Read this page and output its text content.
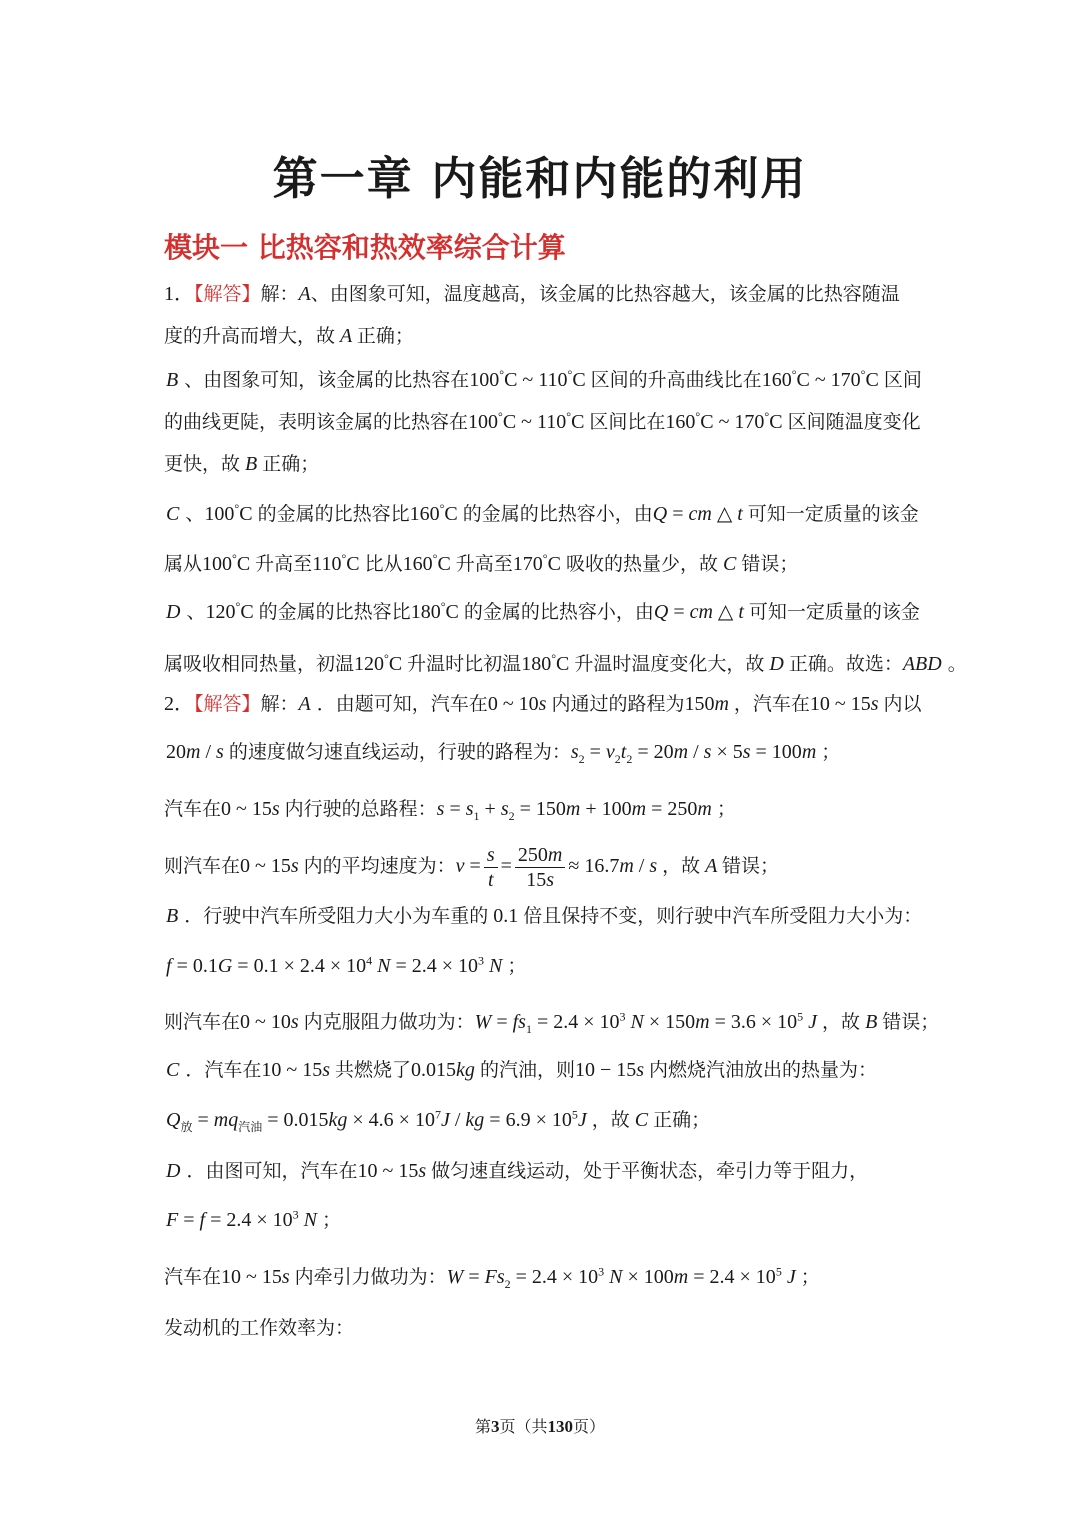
第一章 内能和内能的利用
模块一 比热容和热效率综合计算
1．【解答】解：A、由图象可知，温度越高，该金属的比热容越大，该金属的比热容随温
度的升高而增大，故 A 正确；
B 、由图象可知，该金属的比热容在100°C ~ 110°C 区间的升高曲线比在160°C ~ 170°C 区间
的曲线更陡，表明该金属的比热容在100°C ~ 110°C 区间比在160°C ~ 170°C 区间随温度变化
更快，故 B 正确；
C 、100°C 的金属的比热容比160°C 的金属的比热容小，由Q = cm △ t 可知一定质量的该金
属从100°C 升高至110°C 比从160°C 升高至170°C 吸收的热量少，故 C 错误；
D 、120°C 的金属的比热容比180°C 的金属的比热容小，由Q = cm △ t 可知一定质量的该金
属吸收相同热量，初温120°C 升温时比初温180°C 升温时温度变化大，故 D 正确。故选：ABD 。
2．【解答】解：A ．由题可知，汽车在0 ~ 10s 内通过的路程为150m ，汽车在10 ~ 15s 内以
20m / s 的速度做匀速直线运动，行驶的路程为：$s_2 = v_2t_2 = 20m / s \times 5s = 100m$ ；
汽车在0 ~ 15s 内行驶的总路程：$s = s_1 + s_2 = 150m + 100m = 250m$ ；
则汽车在0 ~ 15s 内的平均速度为：$v = \frac{s}{t} = \frac{250m}{15s} \approx 16.7m / s$ ，故 A 错误；
B ．行驶中汽车所受阻力大小为车重的 0.1 倍且保持不变，则行驶中汽车所受阻力大小为：
$f = 0.1G = 0.1 \times 2.4 \times 10^4$ $N = 2.4 \times 10^3$ N ；
则汽车在0 ~ 10s 内克服阻力做功为：$W = fs_1 = 2.4 \times 10^3$ $N \times 150m = 3.6 \times 10^5$ J ，故 B 错误；
C ．汽车在10 ~ 15s 共燃烧了0.015kg 的汽油，则10 − 15s 内燃烧汽油放出的热量为：
$Q_放 = mq_{汽油} = 0.015kg \times 4.6 \times 10^7J$ / kg = $6.9 \times 10^5J$ ，故 C 正确；
D ．由图可知，汽车在10 ~ 15s 做匀速直线运动，处于平衡状态，牵引力等于阻力，
$F = f = 2.4 \times 10^3$ N ；
汽车在10 ~ 15s 内牵引力做功为：$W = Fs_2 = 2.4 \times 10^3$ $N \times 100m = 2.4 \times 10^5$ J ；
发动机的工作效率为：
第3页（共130页）
